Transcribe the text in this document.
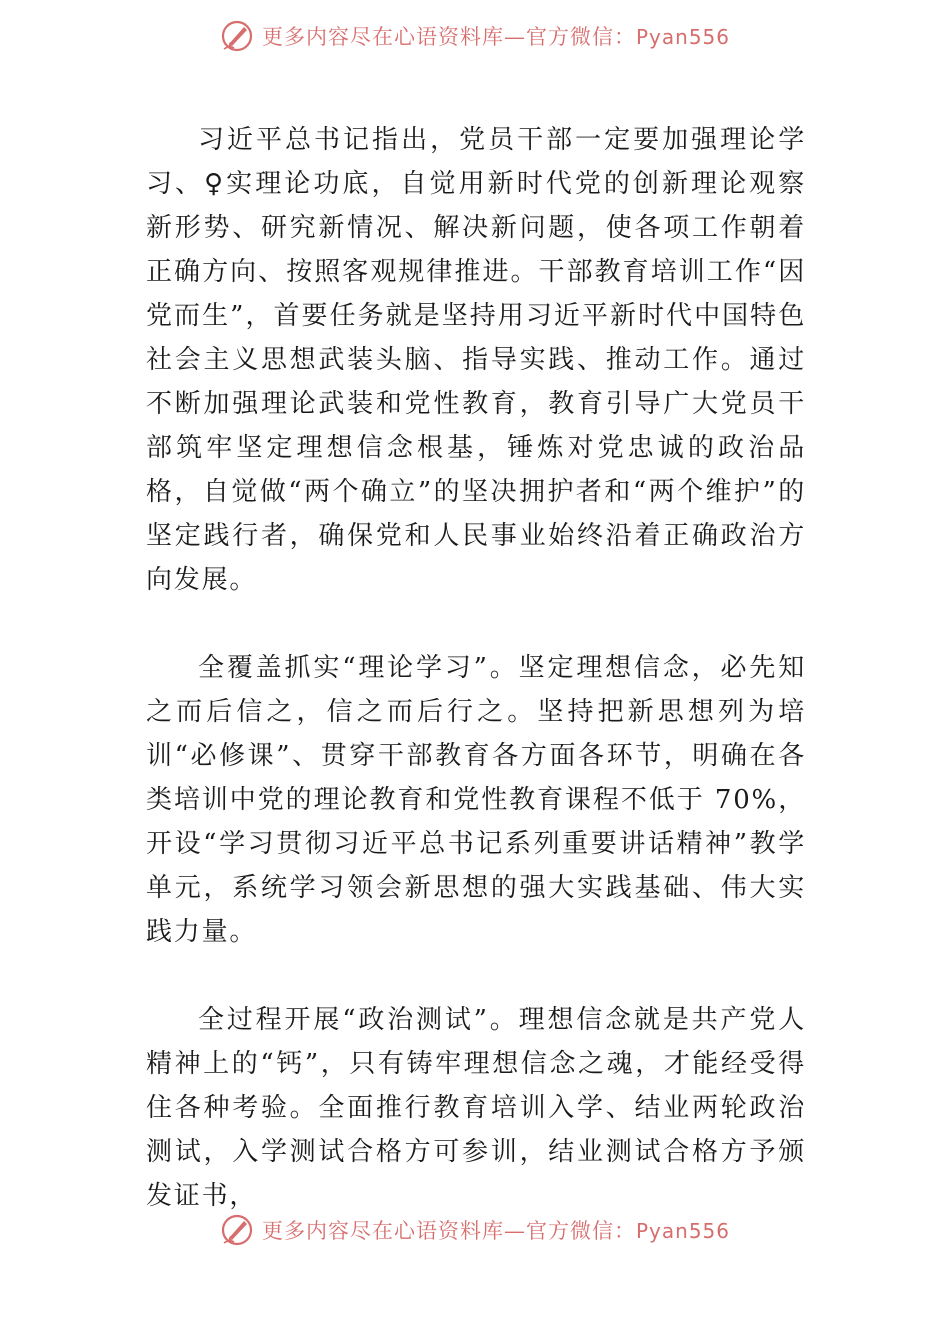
更多内容尽在心语资料库—官方微信：Pyan556

习近平总书记指出，党员干部一定要加强理论学习、♀实理论功底，自觉用新时代党的创新理论观察新形势、研究新情况、解决新问题，使各项工作朝着正确方向、按照客观规律推进。干部教育培训工作“因党而生”，首要任务就是坚持用习近平新时代中国特色社会主义思想武装头脑、指导实践、推动工作。通过不断加强理论武装和党性教育，教育引导广大党员干部筑牢坚定理想信念根基，锤炼对党忠诚的政治品格，自觉做“两个确立”的坚决拥护者和“两个维护”的坚定践行者，确保党和人民事业始终沿着正确政治方向发展。

全覆盖抓实“理论学习”。坚定理想信念，必先知之而后信之，信之而后行之。坚持把新思想列为培训“必修课”、贯穿干部教育各方面各环节，明确在各类培训中党的理论教育和党性教育课程不低于 70%，开设“学习贯彻习近平总书记系列重要讲话精神”教学单元，系统学习领会新思想的强大实践基础、伟大实践力量。

全过程开展“政治测试”。理想信念就是共产党人精神上的“钙”，只有铸牢理想信念之魂，才能经受得住各种考验。全面推行教育培训入学、结业两轮政治测试，入学测试合格方可参训，结业测试合格方予颁发证书，

更多内容尽在心语资料库—官方微信：Pyan556
